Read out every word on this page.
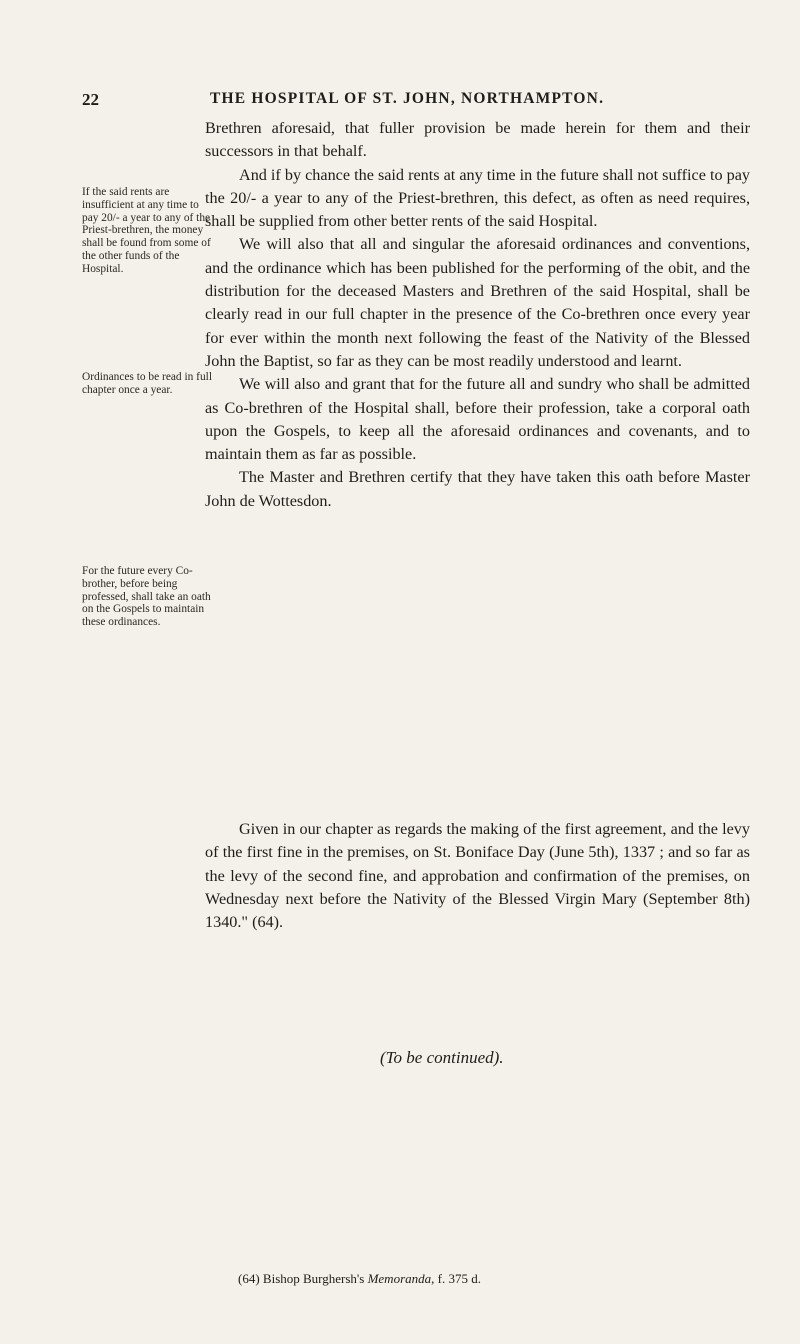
22	THE HOSPITAL OF ST. JOHN, NORTHAMPTON.

Brethren aforesaid, that fuller provision be made herein for them and their successors in that behalf.

And if by chance the said rents at any time in the future shall not suffice to pay the 20/- a year to any of the Priest-brethren, this defect, as often as need requires, shall be supplied from other better rents of the said Hospital.

We will also that all and singular the aforesaid ordinances and conventions, and the ordinance which has been published for the performing of the obit, and the distribution for the deceased Masters and Brethren of the said Hospital, shall be clearly read in our full chapter in the presence of the Co-brethren once every year for ever within the month next following the feast of the Nativity of the Blessed John the Baptist, so far as they can be most readily understood and learnt.

We will also and grant that for the future all and sundry who shall be admitted as Co-brethren of the Hospital shall, before their profession, take a corporal oath upon the Gospels, to keep all the aforesaid ordinances and covenants, and to maintain them as far as possible.

The Master and Brethren certify that they have taken this oath before Master John de Wottesdon.

Given in our chapter as regards the making of the first agreement, and the levy of the first fine in the premises, on St. Boniface Day (June 5th), 1337 ; and so far as the levy of the second fine, and approbation and confirmation of the premises, on Wednesday next before the Nativity of the Blessed Virgin Mary (September 8th) 1340." (64).
If the said rents are insufficient at any time to pay 20/- a year to any of the Priest-brethren, the money shall be found from some of the other funds of the Hospital.
Ordinances to be read in full chapter once a year.
For the future every Co-brother, before being professed, shall take an oath on the Gospels to maintain these ordinances.
(To be continued).
(64) Bishop Burghersh's Memoranda, f. 375 d.
